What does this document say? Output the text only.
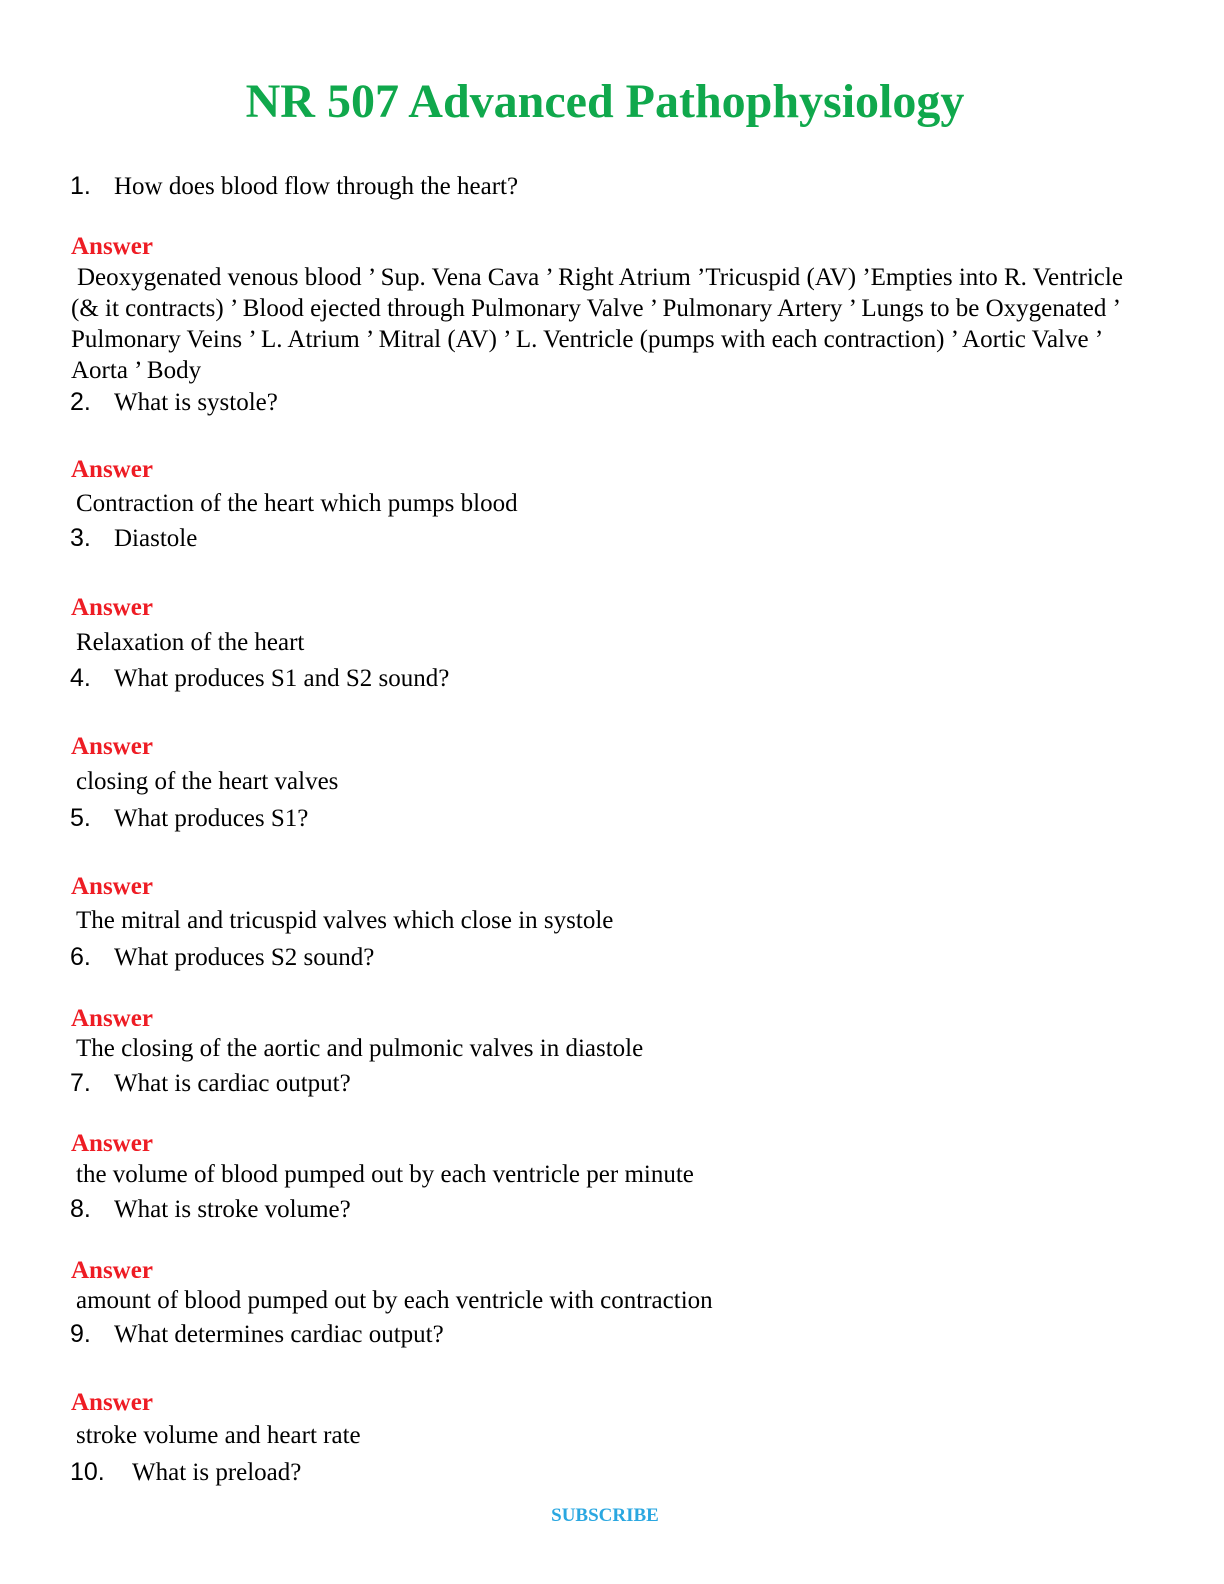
NR 507 Advanced Pathophysiology
1. How does blood flow through the heart?
Answer
Deoxygenated venous blood ’ Sup. Vena Cava ’ Right Atrium ’Tricuspid (AV) ’Empties into R. Ventricle (& it contracts) ’ Blood ejected through Pulmonary Valve ’ Pulmonary Artery ’ Lungs to be Oxygenated ’ Pulmonary Veins ’ L. Atrium ’ Mitral (AV) ’ L. Ventricle (pumps with each contraction) ’ Aortic Valve ’ Aorta ’ Body
2. What is systole?
Answer
Contraction of the heart which pumps blood
3. Diastole
Answer
Relaxation of the heart
4. What produces S1 and S2 sound?
Answer
closing of the heart valves
5. What produces S1?
Answer
The mitral and tricuspid valves which close in systole
6. What produces S2 sound?
Answer
The closing of the aortic and pulmonic valves in diastole
7. What is cardiac output?
Answer
the volume of blood pumped out by each ventricle per minute
8. What is stroke volume?
Answer
amount of blood pumped out by each ventricle with contraction
9. What determines cardiac output?
Answer
stroke volume and heart rate
10. What is preload?
SUBSCRIBE
